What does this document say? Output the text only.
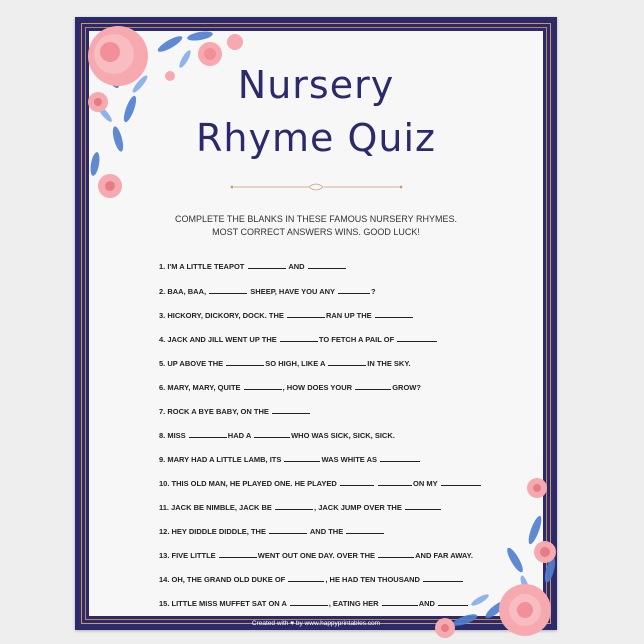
Nursery
Rhyme Quiz
COMPLETE THE BLANKS IN THESE FAMOUS NURSERY RHYMES.
MOST CORRECT ANSWERS WINS. GOOD LUCK!
1. I'M A LITTLE TEAPOT	AND
2. BAA, BAA,	SHEEP, HAVE YOU ANY	?
3. HICKORY, DICKORY, DOCK. THE	RAN UP THE
4. JACK AND JILL WENT UP THE	TO FETCH A PAIL OF
5. UP ABOVE THE	SO HIGH, LIKE A	IN THE SKY.
6. MARY, MARY, QUITE	, HOW DOES YOUR	GROW?
7. ROCK A BYE BABY, ON THE
8. MISS	HAD A	WHO WAS SICK, SICK, SICK.
9. MARY HAD A LITTLE LAMB, ITS	WAS WHITE AS
10. THIS OLD MAN, HE PLAYED ONE. HE PLAYED	ON MY
11. JACK BE NIMBLE, JACK BE	, JACK JUMP OVER THE
12. HEY DIDDLE DIDDLE, THE	AND THE
13. FIVE LITTLE	WENT OUT ONE DAY. OVER THE	AND FAR AWAY.
14. OH, THE GRAND OLD DUKE OF	, HE HAD TEN THOUSAND
15. LITTLE MISS MUFFET SAT ON A	, EATING HER	AND
Created with ♥ by www.happyprintables.com
